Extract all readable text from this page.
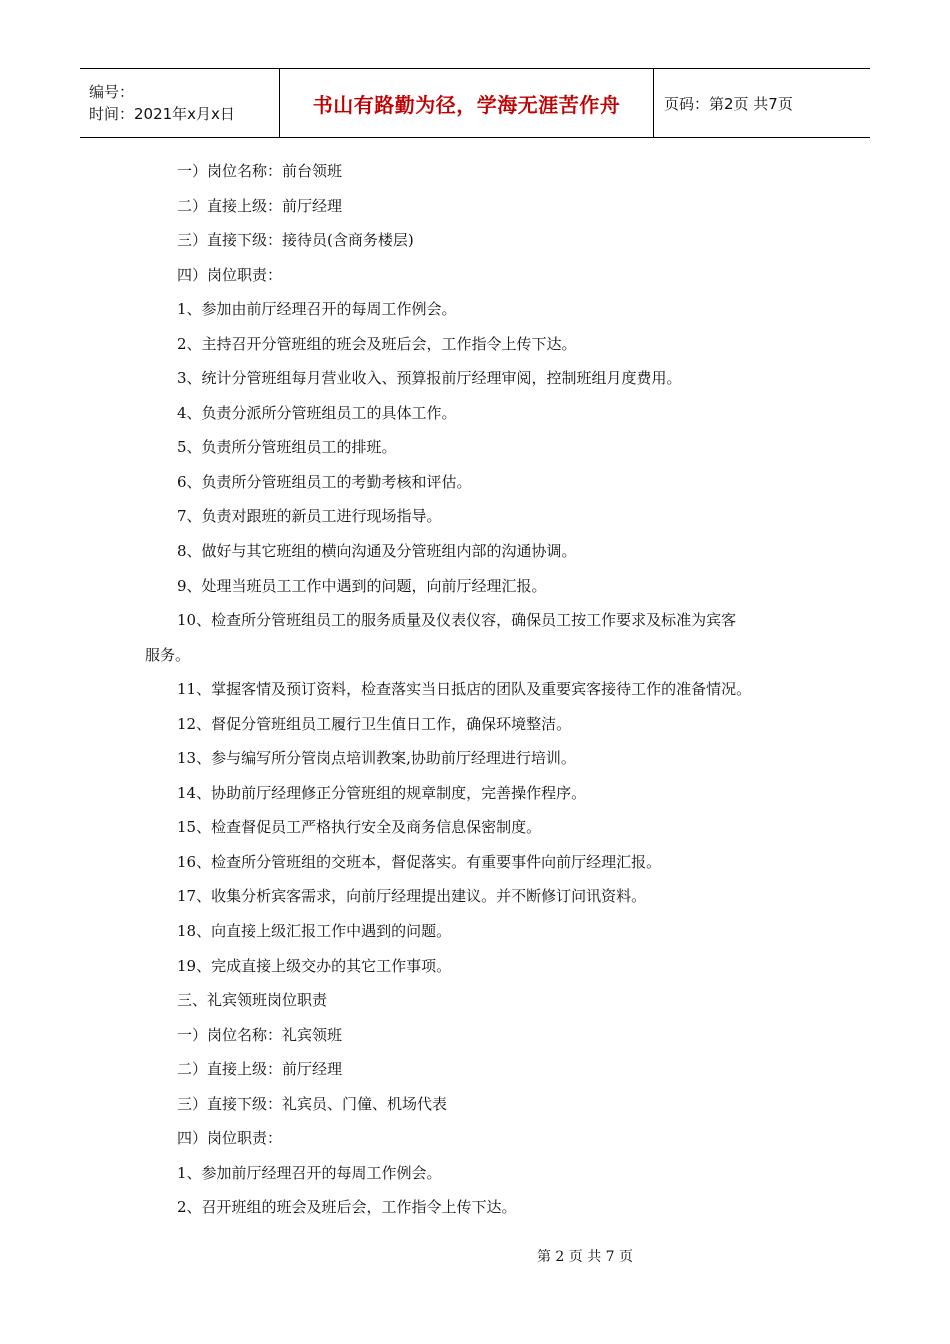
编号：
时间：2021年x月x日	书山有路勤为径，学海无涯苦作舟	页码：第2页 共7页
一）岗位名称：前台领班
二）直接上级：前厅经理
三）直接下级：接待员(含商务楼层)
四）岗位职责：
1、参加由前厅经理召开的每周工作例会。
2、主持召开分管班组的班会及班后会，工作指令上传下达。
3、统计分管班组每月营业收入、预算报前厅经理审阅，控制班组月度费用。
4、负责分派所分管班组员工的具体工作。
5、负责所分管班组员工的排班。
6、负责所分管班组员工的考勤考核和评估。
7、负责对跟班的新员工进行现场指导。
8、做好与其它班组的横向沟通及分管班组内部的沟通协调。
9、处理当班员工工作中遇到的问题，向前厅经理汇报。
10、检查所分管班组员工的服务质量及仪表仪容，确保员工按工作要求及标准为宾客
服务。
11、掌握客情及预订资料，检查落实当日抵店的团队及重要宾客接待工作的准备情况。
12、督促分管班组员工履行卫生值日工作，确保环境整洁。
13、参与编写所分管岗点培训教案,协助前厅经理进行培训。
14、协助前厅经理修正分管班组的规章制度，完善操作程序。
15、检查督促员工严格执行安全及商务信息保密制度。
16、检查所分管班组的交班本，督促落实。有重要事件向前厅经理汇报。
17、收集分析宾客需求，向前厅经理提出建议。并不断修订问讯资料。
18、向直接上级汇报工作中遇到的问题。
19、完成直接上级交办的其它工作事项。
三、礼宾领班岗位职责
一）岗位名称：礼宾领班
二）直接上级：前厅经理
三）直接下级：礼宾员、门僮、机场代表
四）岗位职责：
1、参加前厅经理召开的每周工作例会。
2、召开班组的班会及班后会，工作指令上传下达。
第 2 页 共 7 页
